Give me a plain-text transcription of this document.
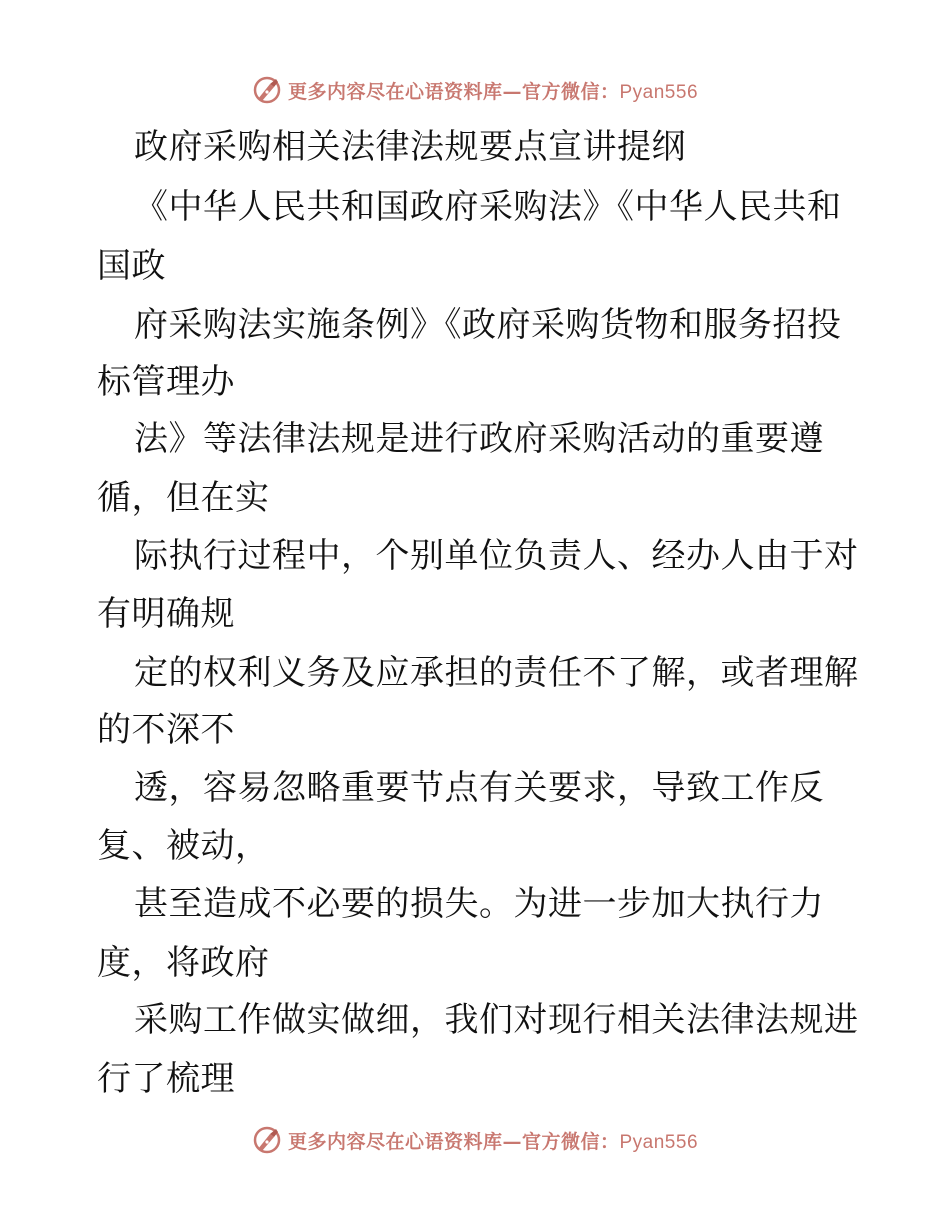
更多内容尽在心语资料库—官方微信：Pyan556
政府采购相关法律法规要点宣讲提纲
《中华人民共和国政府采购法》《中华人民共和
国政
府采购法实施条例》《政府采购货物和服务招投
标管理办
法》等法律法规是进行政府采购活动的重要遵
循，但在实
际执行过程中，个别单位负责人、经办人由于对
有明确规
定的权利义务及应承担的责任不了解，或者理解
的不深不
透，容易忽略重要节点有关要求，导致工作反
复、被动，
甚至造成不必要的损失。为进一步加大执行力
度，将政府
采购工作做实做细，我们对现行相关法律法规进
行了梳理
更多内容尽在心语资料库—官方微信：Pyan556
